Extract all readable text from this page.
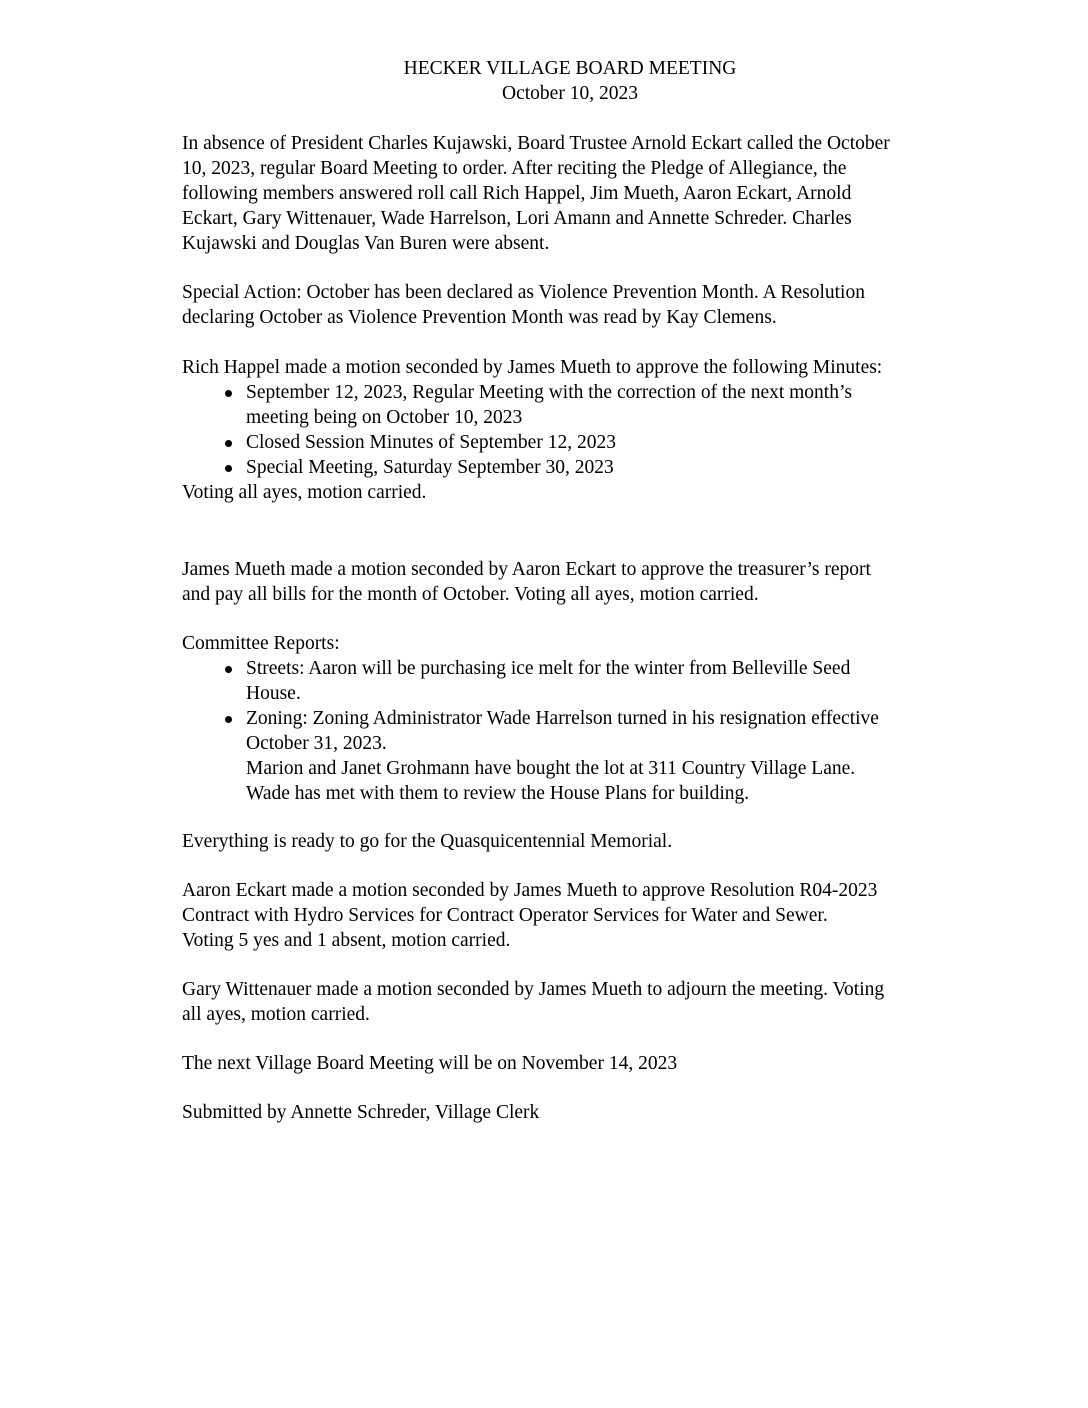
HECKER VILLAGE BOARD MEETING
October 10, 2023
In absence of President Charles Kujawski, Board Trustee Arnold Eckart called the October
10, 2023, regular Board Meeting to order. After reciting the Pledge of Allegiance, the
following members answered roll call Rich Happel, Jim Mueth, Aaron Eckart, Arnold
Eckart, Gary Wittenauer, Wade Harrelson, Lori Amann and Annette Schreder. Charles
Kujawski and Douglas Van Buren were absent.
Special Action: October has been declared as Violence Prevention Month. A Resolution
declaring October as Violence Prevention Month was read by Kay Clemens.
Rich Happel made a motion seconded by James Mueth to approve the following Minutes:
September 12, 2023, Regular Meeting with the correction of the next month’s
meeting being on October 10, 2023
Closed Session Minutes of September 12, 2023
Special Meeting, Saturday September 30, 2023
Voting all ayes, motion carried.
James Mueth made a motion seconded by Aaron Eckart to approve the treasurer’s report
and pay all bills for the month of October. Voting all ayes, motion carried.
Committee Reports:
Streets: Aaron will be purchasing ice melt for the winter from Belleville Seed
House.
Zoning: Zoning Administrator Wade Harrelson turned in his resignation effective
October 31, 2023.
Marion and Janet Grohmann have bought the lot at 311 Country Village Lane.
Wade has met with them to review the House Plans for building.
Everything is ready to go for the Quasquicentennial Memorial.
Aaron Eckart made a motion seconded by James Mueth to approve Resolution R04-2023
Contract with Hydro Services for Contract Operator Services for Water and Sewer.
Voting 5 yes and 1 absent, motion carried.
Gary Wittenauer made a motion seconded by James Mueth to adjourn the meeting. Voting
all ayes, motion carried.
The next Village Board Meeting will be on November 14, 2023
Submitted by Annette Schreder, Village Clerk
